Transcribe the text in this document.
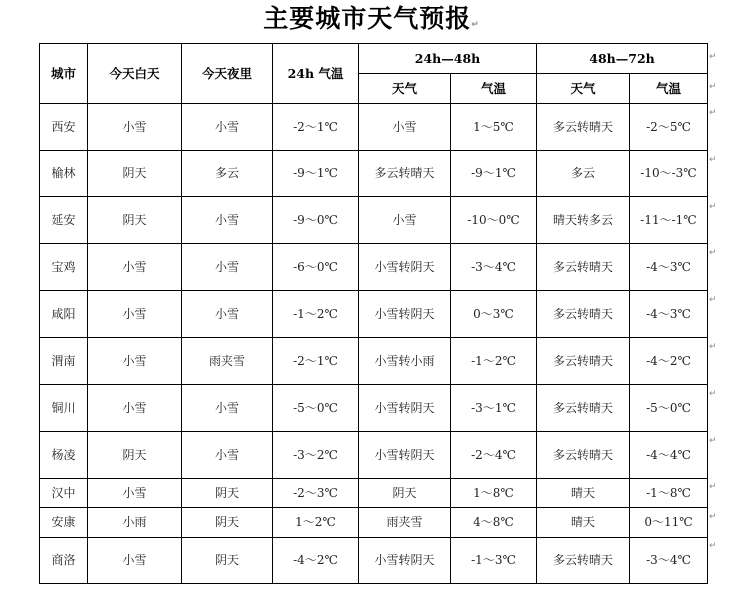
主要城市天气预报↵
城市	今天白天	今天夜里	24h 气温	24h—48h		48h—72h	
				天气	气温	天气	气温
西安	小雪	小雪	-2～1℃	小雪	1～5℃	多云转晴天	-2～5℃
榆林	阴天	多云	-9～1℃	多云转晴天	-9～1℃	多云	-10～-3℃
延安	阴天	小雪	-9～0℃	小雪	-10～0℃	晴天转多云	-11～-1℃
宝鸡	小雪	小雪	-6～0℃	小雪转阴天	-3～4℃	多云转晴天	-4～3℃
咸阳	小雪	小雪	-1～2℃	小雪转阴天	0～3℃	多云转晴天	-4～3℃
渭南	小雪	雨夹雪	-2～1℃	小雪转小雨	-1～2℃	多云转晴天	-4～2℃
铜川	小雪	小雪	-5～0℃	小雪转阴天	-3～1℃	多云转晴天	-5～0℃
杨凌	阴天	小雪	-3～2℃	小雪转阴天	-2～4℃	多云转晴天	-4～4℃
汉中	小雪	阴天	-2～3℃	阴天	1～8℃	晴天	-1～8℃
安康	小雨	阴天	1～2℃	雨夹雪	4～8℃	晴天	0～11℃
商洛	小雪	阴天	-4～2℃	小雪转阴天	-1～3℃	多云转晴天	-3～4℃
↵
↵
↵
↵
↵
↵
↵
↵
↵
↵
↵
↵
↵
